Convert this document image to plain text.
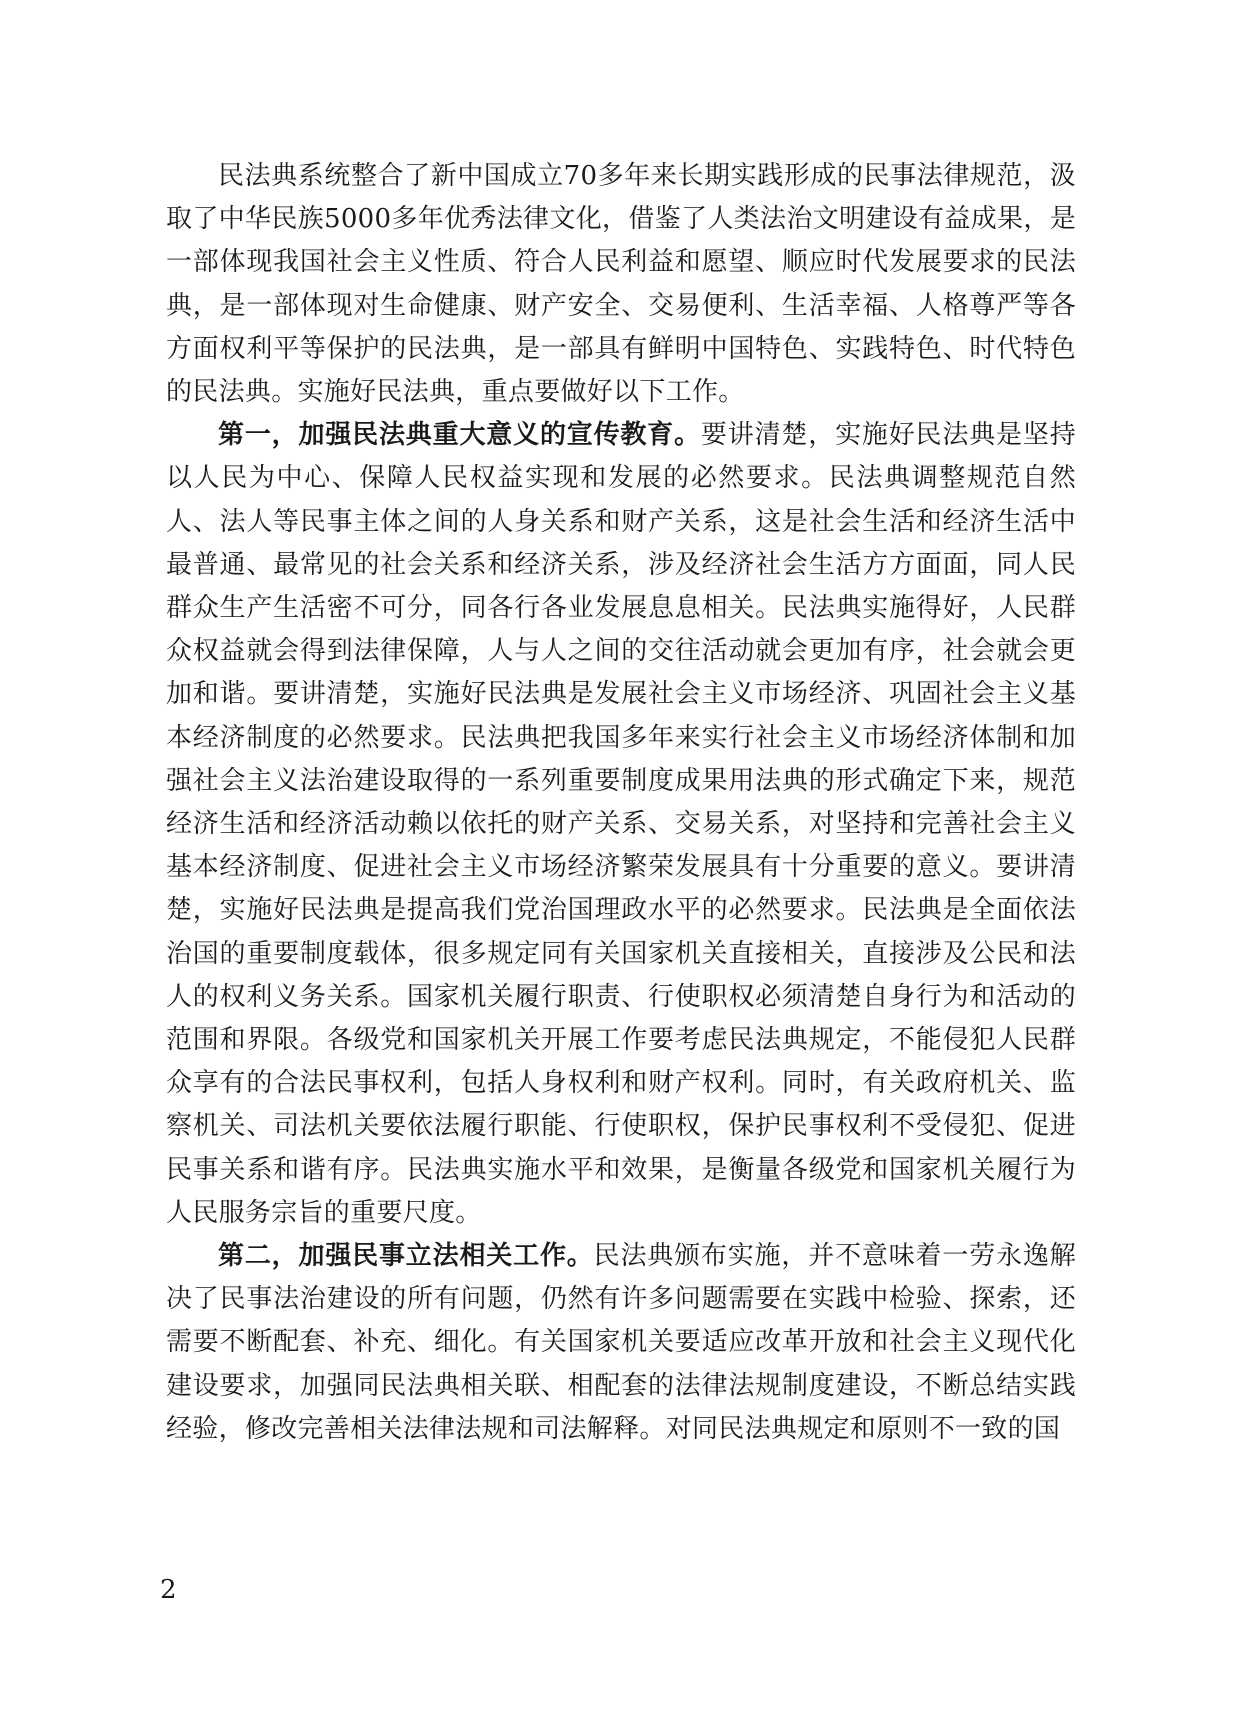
民法典系统整合了新中国成立70多年来长期实践形成的民事法律规范，汲取了中华民族5000多年优秀法律文化，借鉴了人类法治文明建设有益成果，是一部体现我国社会主义性质、符合人民利益和愿望、顺应时代发展要求的民法典，是一部体现对生命健康、财产安全、交易便利、生活幸福、人格尊严等各方面权利平等保护的民法典，是一部具有鲜明中国特色、实践特色、时代特色的民法典。实施好民法典，重点要做好以下工作。

第一，加强民法典重大意义的宣传教育。要讲清楚，实施好民法典是坚持以人民为中心、保障人民权益实现和发展的必然要求。民法典调整规范自然人、法人等民事主体之间的人身关系和财产关系，这是社会生活和经济生活中最普通、最常见的社会关系和经济关系，涉及经济社会生活方方面面，同人民群众生产生活密不可分，同各行各业发展息息相关。民法典实施得好，人民群众权益就会得到法律保障，人与人之间的交往活动就会更加有序，社会就会更加和谐。要讲清楚，实施好民法典是发展社会主义市场经济、巩固社会主义基本经济制度的必然要求。民法典把我国多年来实行社会主义市场经济体制和加强社会主义法治建设取得的一系列重要制度成果用法典的形式确定下来，规范经济生活和经济活动赖以依托的财产关系、交易关系，对坚持和完善社会主义基本经济制度、促进社会主义市场经济繁荣发展具有十分重要的意义。要讲清楚，实施好民法典是提高我们党治国理政水平的必然要求。民法典是全面依法治国的重要制度载体，很多规定同有关国家机关直接相关，直接涉及公民和法人的权利义务关系。国家机关履行职责、行使职权必须清楚自身行为和活动的范围和界限。各级党和国家机关开展工作要考虑民法典规定，不能侵犯人民群众享有的合法民事权利，包括人身权利和财产权利。同时，有关政府机关、监察机关、司法机关要依法履行职能、行使职权，保护民事权利不受侵犯、促进民事关系和谐有序。民法典实施水平和效果，是衡量各级党和国家机关履行为人民服务宗旨的重要尺度。

第二，加强民事立法相关工作。民法典颁布实施，并不意味着一劳永逸解决了民事法治建设的所有问题，仍然有许多问题需要在实践中检验、探索，还需要不断配套、补充、细化。有关国家机关要适应改革开放和社会主义现代化建设要求，加强同民法典相关联、相配套的法律法规制度建设，不断总结实践经验，修改完善相关法律法规和司法解释。对同民法典规定和原则不一致的国

2
